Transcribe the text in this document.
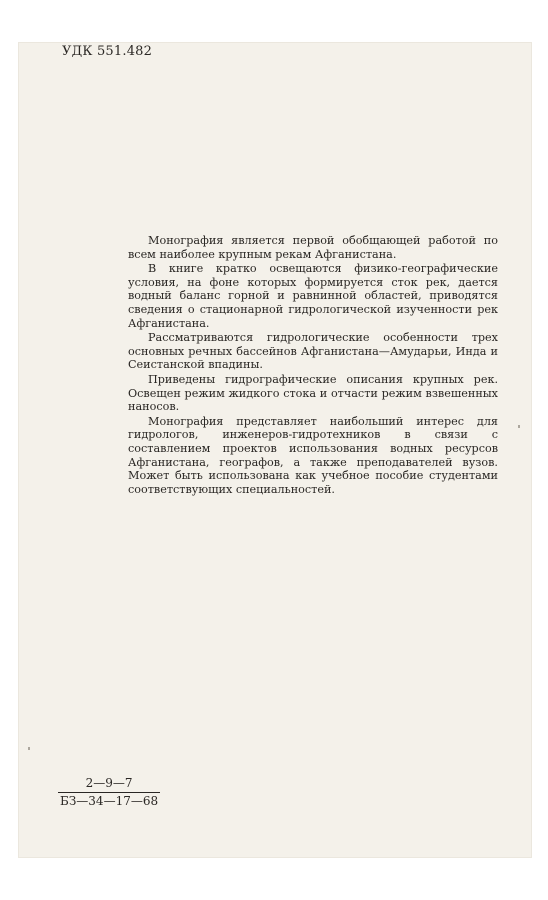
УДК 551.482

Монография является первой обобщающей работой по всем наиболее крупным рекам Афганистана.

В книге кратко освещаются физико-географические условия, на фоне которых формируется сток рек, дается водный баланс горной и равнинной областей, приводятся сведения о стационарной гидрологической изученности рек Афганистана.

Рассматриваются гидрологические особенности трех основных речных бассейнов Афганистана—Амударьи, Инда и Сеистанской впадины.

Приведены гидрографические описания крупных рек. Освещен режим жидкого стока и отчасти режим взвешенных наносов.

Монография представляет наибольший интерес для гидрологов, инженеров-гидротехников в связи с составлением проектов использования водных ресурсов Афганистана, географов, а также преподавателей вузов. Может быть использована как учебное пособие студентами соответствующих специальностей.

2—9—7
БЗ—34—17—68
